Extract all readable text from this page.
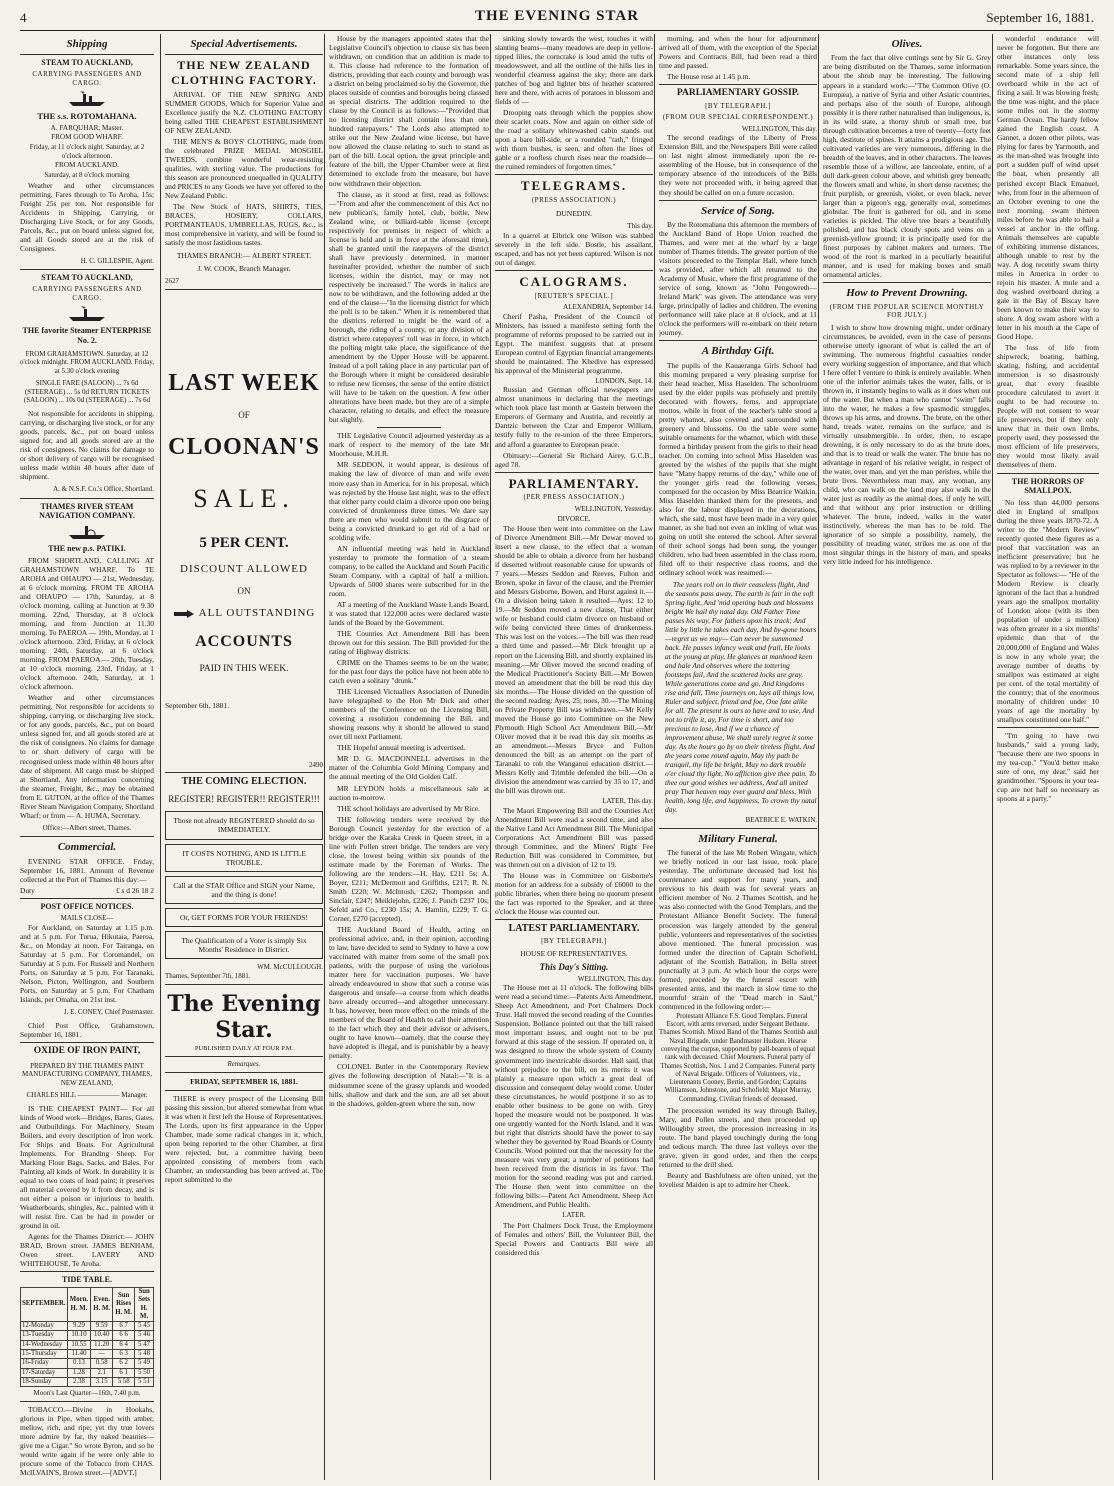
4	THE EVENING STAR	September 16, 1881.
Shipping
STEAM TO AUCKLAND,
CARRYING PASSENGERS AND CARGO.
THE s.s. ROTOMAHANA.
A. FARQUHAR, Master.
FROM GOOD WHARF.
Friday, at 11 o'clock night. Saturday, at 2 o'clock afternoon.
FROM AUCKLAND.
Saturday, at 8 o'clock morning

Weather and other circumstances permitting. Fares through to To Aroha, 15s; Freight 25s per ton. Not responsible for Accidents in Shipping, Carrying, or Discharging Live Stock, or for any Goods, Parcels, &c., put on board unless signed for, and all Goods stored are at the risk of Consignees.

H. C. GILLESPIE, Agent.
STEAM TO AUCKLAND,
CARRYING PASSENGERS AND CARGO.
THE favorite Steamer ENTERPRISE No. 2.
FROM GRAHAMSTOWN. Saturday, at 12 o'clock midnight. FROM AUCKLAND. Friday, at 5.30 o'clock evening
SINGLE FARE (SALOON) ... 7s 6d (STEERAGE) ... 5s 0d RETURN TICKETS (SALOON) ... 10s 0d (STEERAGE) ... 7s 6d

Not responsible for accidents in shipping, carrying, or discharging live stock, or for any goods, parcels, &c., put on board unless signed for, and all goods stored are at the risk of consignees. No claims for damage to or short delivery of cargo will be recognised unless made within 48 hours after date of shipment.

A. & N.S.F. Co.'s Office, Shortland.
THAMES RIVER STEAM NAVIGATION COMPANY.
THE new p.s. PATIKI.

FROM SHORTLAND, CALLING AT GRAHAMSTOWN WHARF. To TE AROHA and OHAUPO — 21st, Wednesday, at 6 o'clock morning. FROM TE AROHA and OHAUPO — 17th, Saturday, at 8 o'clock morning, calling at Junction at 9.30 morning. 22nd, Thursday, at 8 o'clock morning, and from Junction at 11.30 morning. To PAEROA — 19th, Monday, at 1 o'clock afternoon. 23rd, Friday, at 6 o'clock morning. 24th, Saturday, at 6 o'clock morning. FROM PAEROA — 20th, Tuesday, at 10 o'clock morning. 23rd, Friday, at 1 o'clock afternoon. 24th, Saturday, at 1 o'clock afternoon.

Weather and other circumstances permitting. Not responsible for accidents to shipping, carrying, or discharging live stock, or for any goods, parcels, &c., put on board unless signed for, and all goods stored are at the risk of consignees. No claims for damage to or short delivery of cargo will be recognised unless made within 48 hours after date of shipment. All cargo must be shipped at Shortland. Any information concerning the steamer, Freight, &c., may be obtained from E. GUTON, at the office of the Thames River Steam Navigation Company, Shortland Wharf; or from — A. HUMA, Secretary.

Office:—Albert street, Thames.
Commercial.

EVENING STAR OFFICE. Friday, September 16, 1881. Amount of Revenue collected at the Port of Thames this day:—

Duty	£ s d 26 18 2
POST OFFICE NOTICES.
MAILS CLOSE—

For Auckland, on Saturday at 1.15 p.m. and at 5 p.m. For Turua, Hikutaia, Paeroa, &c., on Monday at noon. For Tairanga, on Saturday at 5 p.m. For Coromandel, on Saturday at 5 p.m. For Russell and Northern Ports, on Saturday at 5 p.m. For Taranaki, Nelson, Picton, Wellington, and Southern Ports, on Saturday at 5 p.m. For Chatham Islands, per Omaha, on 21st inst.

J. E. CONEY, Chief Postmaster.

Chief Post Office, Grahamstown, September 16, 1881.

OXIDE OF IRON PAINT,
PREPARED BY THE THAMES PAINT MANUFACTURING COMPANY, THAMES, NEW ZEALAND,
CHARLES HILL —————— Manager.

IS THE CHEAPEST PAINT— For all kinds of Wood work—Bridges, Barns, Gates, and Outbuildings. For Machinery, Steam Boilers, and every description of Iron work. For Ships and Boats. For Agricultural Implements. For Branding Sheep. For Marking Flour Bags, Sacks, and Bales. For Painting all kinds of Work. In durability it is equal to two coats of lead paint; it preserves all material covered by it from decay, and is not either a poison or injurious to health. Weatherboards, shingles, &c., painted with it will resist fire. Can be had in powder or ground in oil.

Agents for the Thames District:— JOHN BRAD, Brown street. JAMES BENHAM, Owen street. LAVERY AND WHITEHOUSE, Te Aroha.

TIDE TABLE.
SEPTEMBER.	Morn. H. M.	Even. H. M.	Sun Rises H. M.	Sun Sets H. M.
12-Monday	9.29	9.59	6 7	5 45
13-Tuesday	10.10	10.40	6 6	5 46
14-Wednesday	10.55	11.20	6 4	5 47
15-Thursday	11.40	—	6 3	5 48
16-Friday	0.13	0.58	6 2	5 49
17-Saturday	1.28	2.1	6 1	5 50
18-Sunday	2.38	3.15	5 58	5 51
Moon's Last Quarter—16th, 7.40 p.m.

TOBACCO.—Divine in Hookahs, glorious in Pipe, when tipped with amber, mellow, rich, and ripe; yet thy true lovers more admire by far, thy naked beauties—give me a Cigar." So wrote Byron, and so he would write again if he were only able to procure some of the Tobacco from CHAS. McILVAIN'S, Brown street.—[ADVT.]

Special Advertisements.
THE NEW ZEALAND CLOTHING FACTORY.

ARRIVAL OF THE NEW SPRING AND SUMMER GOODS, Which for Superior Value and Excellence justify the N.Z. CLOTHING FACTORY being called THE CHEAPEST ESTABLISHMENT OF NEW ZEALAND.

THE MEN'S & BOYS' CLOTHING, made from the celebrated PRIZE MEDAL MOSGIEL TWEEDS, combine wonderful wear-resisting qualities, with sterling value. The productions for this season are pronounced unequalled in QUALITY and PRICES to any Goods we have yet offered to the New Zealand Public.

The New Stock of HATS, SHIRTS, TIES, BRACES, HOSIERY, COLLARS, PORTMANTEAUS, UMBRELLAS, RUGS, &c., is most comprehensive in variety, and will be found to satisfy the most fastidious tastes.

THAMES BRANCH:— ALBERT STREET.
J. W. COOK, Branch Manager.
2627
LAST WEEK
OF
CLOONAN'S
SALE.
5 PER CENT.
DISCOUNT ALLOWED
ON
ALL OUTSTANDING
ACCOUNTS
PAID IN THIS WEEK.
September 6th, 1881.
2490
THE COMING ELECTION.
REGISTER! REGISTER!! REGISTER!!!
Those not already REGISTERED should do so IMMEDIATELY.
IT COSTS NOTHING, AND IS LITTLE TROUBLE.
Call at the STAR Office and SIGN your Name, and the thing is done!
Or, GET FORMS FOR YOUR FRIENDS!
The Qualification of a Voter is simply Six Months' Residence in District.
WM. McCULLOUGH.
Thames, September 7th, 1881.
The Evening Star.
PUBLISHED DAILY AT FOUR P.M.
Remarques.
FRIDAY, SEPTEMBER 16, 1881.

THERE is every prospect of the Licensing Bill passing this session, but altered somewhat from what it was when it first left the House of Representatives. The Lords, upon its first appearance in the Upper Chamber, made some radical changes in it, which, upon being reported to the other Chamber, at first were rejected, but, a committee having been appointed consisting of members from each Chamber, an understanding has been arrived at. The report submitted to the

House by the managers appointed states that the Legislative Council's objection to clause six has been withdrawn, on condition that an addition is made to it. This clause had reference to the formation of districts, providing that each county and borough was a district on being proclaimed so by the Governor, the places outside of counties and boroughs being classed as special districts. The addition required to the clause by the Council is as follows:—"Provided that no licensing district shall contain less than one hundred ratepayers." The Lords also attempted to strike out the New Zealand wine license, but have now allowed the clause relating to such to stand as part of the bill. Local option, the great principle and feature of the bill, the Upper Chamber were at first determined to exclude from the measure, but have now withdrawn their objection.

The clause, as it stood at first, read as follows:—"From and after the commencement of this Act no new publican's, family hotel, club, bottle, New Zealand wine, or billiard-table license (except respectively for premises in respect of which a license is held and is in force at the aforesaid time), shall be granted until the ratepayers of the district shall have previously determined, in manner hereinafter provided, whether the number of such licenses, within the district, may or may not respectively be increased." The words in italics are now to be withdrawn, and the following added at the end of the clause—"In the licensing district for which the poll is to be taken." When it is remembered that the districts referred to might be the ward of a borough, the riding of a county, or any division of a district where ratepayers' roll was in force, in which the polling might take place, the significance of the amendment by the Upper House will be apparent. Instead of a poll taking place in any particular part of the Borough where it might be considered desirable to refuse new licenses, the sense of the entire district will have to be taken on the question. A few other alterations have been made, but they are of a simple character, relating to details, and effect the measure but slightly.

THE Legislative Council adjourned yesterday as a mark of respect to the memory of the late Mr Moorhouse, M.H.R.

MR SEDDON, it would appear, is desirous of making the law of divorce of man and wife even more easy than in America, for in his proposal, which was rejected by the House last night, was to the effect that either party could claim a divorce upon one being convicted of drunkenness three times. We dare say there are men who would submit to the disgrace of being a convicted drunkard to get rid of a bad or scolding wife.

AN influential meeting was held in Auckland yesterday to promote the formation of a steam company, to be called the Auckland and South Pacific Steam Company, with a capital of half a million. Upwards of 5000 shares were subscribed for in the room.

AT a meeting of the Auckland Waste Lands Board, it was stated that 122,000 acres were declared waste lands of the Board by the Government.

THE Counties Act Amendment Bill has been thrown out for this session. The Bill provided for the rating of Highway districts.

CRIME on the Thames seems to be on the wane; for the past four days the police have not been able to catch even a solitary "drunk."

THE Licensed Victuallers Association of Dunedin have telegraphed to the Hon Mr Dick and other members of the Conference on the Licensing Bill, covering a resolution condemning the Bill, and showing reasons why it should be allowed to stand over till next Parliament.

THE Hopeful annual meeting is advertised.

MR D. G. MACDONNELL advertises in the matter of the Columbia Gold Mining Company and the annual meeting of the Old Golden Calf.

MR LEYDON holds a miscellaneous sale at auction to-morrow.

THE school holidays are advertised by Mr Rice.

THE following tenders were received by the Borough Council yesterday for the erection of a bridge over the Karaka Creek in Queen street, in a line with Pollen street bridge. The tenders are very close, the lowest being within six pounds of the estimate made by the Foreman of Works. The following are the tenders:—H. Hay, £211 5s; A. Boyer, £211; McDermott and Griffiths, £217; R. N. Smith £220; W. McIntosh, £262; Thompson and Sinclair, £247; Meiklejohn, £226; J. Punch £237 10s; Sefeld and Co., £230 15s; A. Hamlin, £229; T. G. Corner, £270 (accepted).

THE Auckland Board of Health, acting on professional advice, and, in their opinion, according to law, have decided to send to Sydney to have a cow vaccinated with matter from some of the small pox patients, with the purpose of using the variolous matter here for vaccination purposes. We have already endeavoured to show that such a course was dangerous and unsafe—a course from which deaths have already occurred—and altogether unnecessary. It has, however, been more effect on the minds of the members of the Board of Health to call their attention to the fact which they and their advisor or advisers, ought to have known—namely, that the course they have adopted is illegal, and is punishable by a heavy penalty.

COLONEL Butler in the Contemporary Review gives the following description of Natal:—"It is a midsummer scene of the grassy uplands and wooded hills, shallow and dark and the sun, are all set about in the shadows, golden-green where the sun, now

sinking slowly towards the west, touches it with slanting beams—many meadows are deep in yellow-tipped lilies, the corncrake is loud amid the tufts of meadowsweet, and all the outline of the hills lies in wonderful clearness against the sky; there are dark patches of bog and lighter bits of heather scattered here and there, with acres of potatoes in blossom and fields of —

Drooping oats through which the poppies show their scarlet coats. Now and again on either side of the road a solitary whitewashed cabin stands out upon a bare hill-side, or a rounded "rath," fringed with thorn bushes, is seen, and often the lines of gable or a roofless church rises near the roadside—the ruined reminders of forgotten times."

TELEGRAMS.
(PRESS ASSOCIATION.)
DUNEDIN.
This day.

In a quarrel at Elbrick one Wilson was stabbed severely in the left side. Bostle, his assailant, escaped, and has not yet been captured. Wilson is not out of danger.

CALOGRAMS.
[REUTER'S SPECIAL.]
ALEXANDRIA, September 14.

Cherif Pasha, President of the Council of Ministers, has issued a manifesto setting forth the programme of reforms proposed to be carried out in Egypt. The manifest suggests that at present European control of Egyptian financial arrangements should be maintained. The Khedive has expressed his approval of the Ministerial programme.

LONDON, Sept. 14.

Russian and German official newspapers are almost unanimous in declaring that the meetings which took place last month at Gastein between the Emperors of Germany and Austria, and recently at Dantzic between the Czar and Emperor William, testify fully to the re-union of the three Emperors, and afford a guarantee to European peace.

Obituary:—General Sir Richard Airey, G.C.B., aged 78.

PARLIAMENTARY.
(PER PRESS ASSOCIATION.)
WELLINGTON, Yesterday.
DIVORCE.

The House then went into committee on the Law of Divorce Amendment Bill.—Mr Dewar moved to insert a new clause, to the effect that a woman should be able to obtain a divorce from her husband if deserted without reasonable cause for upwards of 7 years.—Messrs Seddon and Reeves, Fulton and Brown, spoke in favor of the clause, and the Premier and Messrs Gisborne, Bowen, and Hurst against it.—On a division being taken it resulted—Ayes: 12 to 19.—Mr Seddon moved a new clause, That either wife or husband could claim divorce on husband or wife being convicted three times of drunkenness. This was lost on the voices.—The bill was then read a third time and passed.—Mr Dick brought up a report on the Licensing Bill, and shortly explained its meaning.—Mr Oliver moved the second reading of the Medical Practitioner's Society Bill.—Mr Bowen moved an amendment that the bill be read this day six months.—The House divided on the question of the second reading: Ayes, 25; noes, 30.—The Mining on Private Property Bill was withdrawn.—Mr Kelly moved the House go into Committee on the New Plymouth High School Act Amendment Bill.—Mr Oliver moved that it be read this day six months as an amendment.—Messrs Bryce and Fulton denounced the bill as an attempt on the part of Taranaki to rob the Wanganui education district.—Messrs Kelly and Trimble defended the bill.—On a division the amendment was carried by 35 to 17, and the bill was thrown out.

LATER, This day.

The Maori Empowering Bill and the Counties Act Amendment Bill were read a second time, and also the Native Land Act Amendment Bill. The Municipal Corporations Act Amendment Bill was passed through Committee, and the Miners' Right Fee Reduction Bill was considered in Committee, but was thrown out on a division of 12 to 19.

The House was in Committee on Gisborne's motion for an address for a subsidy of £6000 to the public libraries, when there being no quorum present the fact was reported to the Speaker, and at three o'clock the House was counted out.

LATEST PARLIAMENTARY.
[BY TELEGRAPH.]
HOUSE OF REPRESENTATIVES.
This Day's Sitting.
WELLINGTON, This day.

The House met at 11 o'clock. The following bills were read a second time:—Patents Acts Amendment, Sheep Act Amendment, and Port Chalmers Dock Trust. Hall moved the second reading of the Counties Suspension. Bollance pointed out that the bill raised most important issues, and ought not to be put forward at this stage of the session. If operated on, it was designed to throw the whole system of County government into inextricable disorder. Hall said, that without prejudice to the bill, on its merits it was plainly a measure upon which a great deal of discussion and consequent delay would come. Under these circumstances, he would postpone it so as to enable other business to be gone on with. Grey hoped the measure would not be postponed. It was one urgently wanted for the North Island, and it was but right that districts should have the power to say whether they be governed by Road Boards or County Councils. Wood pointed out that the necessity for the measure was very great; a number of petitions had been received from the districts in its favor. The motion for the second reading was put and carried. The House then went into committee on the following bills:—Patent Act Amendment, Sheep Act Amendment, and Public Health.

LATER.

The Port Chalmers Dock Trust, the Employment of Females and others' Bill, the Volunteer Bill, the Special Powers and Contracts Bill were all considered this

morning, and when the hour for adjournment arrived all of them, with the exception of the Special Powers and Contracts Bill, had been read a third time and passed.

The House rose at 1.45 p.m.

PARLIAMENTARY GOSSIP.
[BY TELEGRAPH.]
(FROM OUR SPECIAL CORRESPONDENT.)
WELLINGTON, This day.

The second readings of the Liberty of Press Extension Bill, and the Newspapers Bill were called on last night almost immediately upon the re-assembling of the House, but in consequence of the temporary absence of the introducers of the Bills they were not proceeded with, it being agreed that they should be called on on a future occasion.

Service of Song.

By the Rotomahana this afternoon the members of the Auckland Band of Hope Union reached the Thames, and were met at the wharf by a large number of Thames friends. The greater portion of the visitors proceeded to the Templar Hall, where lunch was provided, after which all returned to the Academy of Music, where the first programme of the service of song, known as "John Pengowreth—Ireland Mark" was given. The attendance was very large, principally of ladies and children. The evening performance will take place at 8 o'clock, and at 11 o'clock the performers will re-embark on their return journey.

A Birthday Gift.

The pupils of the Kauaeranga Girls School had this morning prepared a very pleasing surprise for their head teacher, Miss Haselden. The schoolroom used by the elder pupils was profusely and prettily decorated with flowers, ferns, and appropriate mottos, while in front of the teacher's table stood a pretty whatnot, also covered and surrounded with greenery and blossoms. On the table were some suitable ornaments for the whatnot, which with these formed a birthday present from the girls to their head teacher. On coming into school Miss Haselden was greeted by the wishes of the pupils that she might have "Many happy returns of the day," while one of the younger girls read the following verses, composed for the occasion by Miss Beatrice Watkin. Miss Haselden thanked them for the presents, and also for the labour displayed in the decorations, which, she said, must have been made in a very quiet manner, as she had not even an inkling of what was going on until she entered the school. After several of their school songs had been sung, the younger children, who had been assembled in the class room, filed off to their respective class rooms, and the ordinary school work was resumed:—

The years roll on in their ceaseless flight, And the seasons pass away, The earth is fair in the soft Spring light, And 'mid opening buds and blossoms bright We hail thy natal day. Old Father Time passes his way, For fathers upon his track; And little by little he takes each day, And by-gone hours—regret as we may— Can never be summoned back. He passes infancy weak and frail, He looks at the young at play, He glances at manhood keen and hale And observes where the tottering footsteps fail, And the scattered locks are gray. While generations come and go, And kingdoms rise and fall, Time journeys on, lays all things low, Ruler and subject, friend and foe, One fate alike for all. The present is ours to have and to use, And not to trifle it, ay, For time is short, and too precious to lose, And if we a chance of improvement abuse, We shall surely regret it some day. As the hours go by on their tireless flight, And the years come round again, May thy path be tranquil, thy life be bright, May no dark trouble o'er cloud thy light, No affliction give thee pain. To thee our good wishes we address, And all united pray That heaven may ever guard and bless, With health, long life, and happiness, To crown thy natal day.

BEATRICE E. WATKIN.
Military Funeral.

The funeral of the late Mr Robert Wingate, which we briefly noticed in our last issue, took place yesterday. The unfortunate deceased had lost his countenance and support for many years, and previous to his death was for several years an efficient member of No. 2 Thames Scottish, and he was also connected with the Good Templars, and the Protestant Alliance Benefit Society. The funeral procession was largely attended by the general public, volunteers and representatives of the societies above mentioned. The funeral procession was formed under the direction of Captain Schofield, adjutant of the Scottish Battalion, in Bella street punctually at 3 p.m. At which hour the corps were formed, preceded by the funeral escort with presented arms, and the march in slow time to the mournful strain of the "Dead march in Saul," commenced in the following order:—

Protestant Alliance F.S. Good Templars. Funeral Escort, with arms reversed, under Sergeant Bethune. Thames Scottish. Mixed Band of the Thames Scottish and Naval Brigade, under Bandmaster Hudson. Hearse conveying the corpse, supported by pall-bearers of equal rank with deceased. Chief Mourners. Funeral party of Thames Scottish, Nos. 1 and 2 Companies. Funeral party of Naval Brigade. Officers of Volunteers, viz., Lieutenants Cooney, Bertie, and Gordon; Captains Williamson, Johnstone, and Schofield; Major Murray, Commanding. Civilian friends of deceased.

The procession wended its way through Bailey, Mary, and Pollen streets, and then proceeded up Willoughby street, the procession increasing in its route. The band played touchingly during the long and tedious march. The three last volleys over the grave, given in good order, and then the corps returned to the drill shed.

Beauty and Bashfulness are often united, yet the loveliest Maiden is apt to admire her Cheek.

Olives.

From the fact that olive cuttings sent by Sir G. Grey are being distributed on the Thames, some information about the shrub may be interesting. The following appears in a standard work:—"The Common Olive (O. Europæa), a native of Syria and other Asiatic countries, and perhaps also of the south of Europe, although possibly it is there rather naturalised than indigenous, is, in its wild state, a thorny shrub or small tree, but through cultivation becomes a tree of twenty—forty feet high, destitute of spines. It attains a prodigious age. The cultivated varieties are very numerous, differing in the breadth of the leaves, and in other characters. The leaves resemble those of a willow, are lanceolate, entire, of a dull dark-green colour above, and whitish grey beneath; the flowers small and white, in short dense racemes; the fruit purplish, or greenish, violet, or even black, never larger than a pigeon's egg, generally oval, sometimes globular. The fruit is gathered for oil, and in some varieties is pickled. The olive tree bears a beautifully polished, and has black cloudy spots and veins on a greenish-yellow ground; it is principally used for the finest purposes by cabinet makers and turners. The wood of the root is marked in a peculiarly beautiful manner, and is used for making boxes and small ornamental articles.

How to Prevent Drowning.
(FROM THE POPULAR SCIENCE MONTHLY FOR JULY.)

I wish to show how drowning might, under ordinary circumstances, be avoided, even in the case of persons otherwise utterly ignorant of what is called the art of swimming. The numerous frightful casualties render every working suggestion of importance, and that which I here offer I venture to think is entirely available. When one of the inferior animals takes the water, falls, or is thrown in, it instantly begins to walk as it does when out of the water. But when a man who cannot "swim" falls into the water, he makes a few spasmodic struggles, throws up his arms, and drowns. The brute, on the other hand, treads water, remains on the surface, and is virtually unsubmergible. In order, then, to escape drowning, it is only necessary to do as the brute does, and that is to tread or walk the water. The brute has no advantage in regard of his relative weight, in respect of the water, over man, and yet the man perishes, while the brute lives. Nevertheless man may, any woman, any child, who can walk on the land may also walk in the water just as readily as the animal does, if only he will, and that without any prior instruction or drilling whatever. The brute, indeed, walks in the water instinctively, whereas the man has to be told. The ignorance of so simple a possibility, namely, the possibility of treading water, strikes me as one of the most singular things in the history of man, and speaks very little indeed for his intelligence.

wonderful endurance will never be forgotten. But there are other instances only less remarkable. Some years since, the second mate of a ship fell overboard while in the act of fixing a sail. It was blowing fresh; the time was night, and the place some miles out in the stormy German Ocean. The hardy fellow gained the English coast. A Gannet, a dozen other pilots, was plying for fares by Yarmouth, and as the man-shed was brought into port a sudden puff of wind upset the boat, when presently all perished except Black Emanuel, who, from four in the afternoon of an October evening to one the next morning, swam thirteen miles before he was able to hail a vessel at anchor in the offing. Animals themselves are capable of exhibiting immense distances, although unable to rest by the way. A dog recently swam thirty miles in America in order to rejoin his master. A mule and a dog washed overboard during a gale in the Bay of Biscay have been known to make their way to shore. A dog swam ashore with a letter in his mouth at the Cape of Good Hope.

The loss of life from shipwreck, boating, bathing, skating, fishing, and accidental immersion is so disastrously great, that every feasible procedure calculated to avert it ought to be had recourse to. People will not consent to wear life preservers, but if they only knew that in their own limbs, properly used, they possessed the most efficient of life preservers, they would most likely avail themselves of them.

THE HORRORS OF SMALLPOX.

No less than 44,000 persons died in England of smallpox during the three years 1870-72. A writer to the "Modern Review" recently quoted these figures as a proof that vaccination was an inefficient preservative; but he was replied to by a reviewer in the Spectator as follows:— "He of the Modern Review is clearly ignorant of the fact that a hundred years ago the smallpox mortality of London alone (with its then population of under a million) was often greater in a six months' epidemic than that of the 20,000,000 of England and Wales is now in any whole year; the average number of deaths by smallpox was estimated at eight per cent. of the total mortality of the country; that of the enormous mortality of children under 10 years of age the mortality by smallpox constituted one half."

"I'm going to have two husbands," said a young lady, "because there are two spoons in my tea-cup." "You'd better make sure of one, my dear," said her grandmother. "Spoons in your tea-cup are not half so necessary as spoons at a party."
